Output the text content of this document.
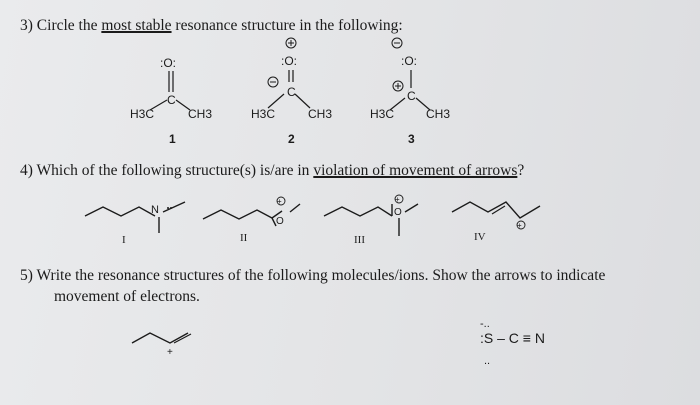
3) Circle the most stable resonance structure in the following:
:O:
C
H3C	CH3
1
:O:
C
H3C	CH3
2
:O:
C
H3C	CH3
3
4) Which of the following structure(s) is/are in violation of movement of arrows?
N
I
O
+
II
O
+
III
+
IV
5) Write the resonance structures of the following molecules/ions. Show the arrows to indicate
movement of electrons.
+
-..
..
:S – C ≡ N
